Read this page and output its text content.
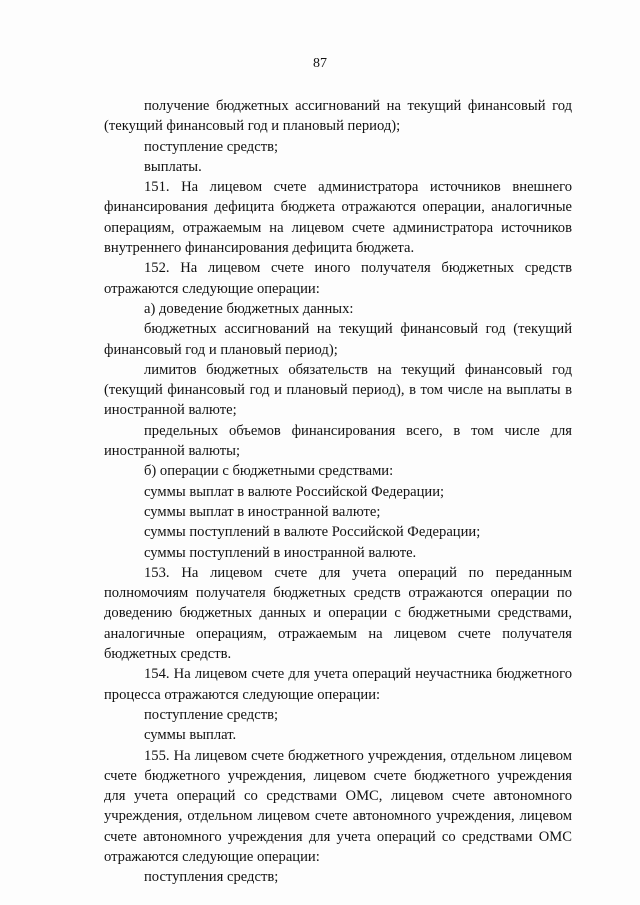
87

получение бюджетных ассигнований на текущий финансовый год (текущий финансовый год и плановый период);

поступление средств;

выплаты.

151. На лицевом счете администратора источников внешнего финансирования дефицита бюджета отражаются операции, аналогичные операциям, отражаемым на лицевом счете администратора источников внутреннего финансирования дефицита бюджета.

152. На лицевом счете иного получателя бюджетных средств отражаются следующие операции:

а) доведение бюджетных данных:

бюджетных ассигнований на текущий финансовый год (текущий финансовый год и плановый период);

лимитов бюджетных обязательств на текущий финансовый год (текущий финансовый год и плановый период), в том числе на выплаты в иностранной валюте;

предельных объемов финансирования всего, в том числе для иностранной валюты;

б) операции с бюджетными средствами:

суммы выплат в валюте Российской Федерации;

суммы выплат в иностранной валюте;

суммы поступлений в валюте Российской Федерации;

суммы поступлений в иностранной валюте.

153. На лицевом счете для учета операций по переданным полномочиям получателя бюджетных средств отражаются операции по доведению бюджетных данных и операции с бюджетными средствами, аналогичные операциям, отражаемым на лицевом счете получателя бюджетных средств.

154. На лицевом счете для учета операций неучастника бюджетного процесса отражаются следующие операции:

поступление средств;

суммы выплат.

155. На лицевом счете бюджетного учреждения, отдельном лицевом счете бюджетного учреждения, лицевом счете бюджетного учреждения для учета операций со средствами ОМС, лицевом счете автономного учреждения, отдельном лицевом счете автономного учреждения, лицевом счете автономного учреждения для учета операций со средствами ОМС отражаются следующие операции:

поступления средств;
